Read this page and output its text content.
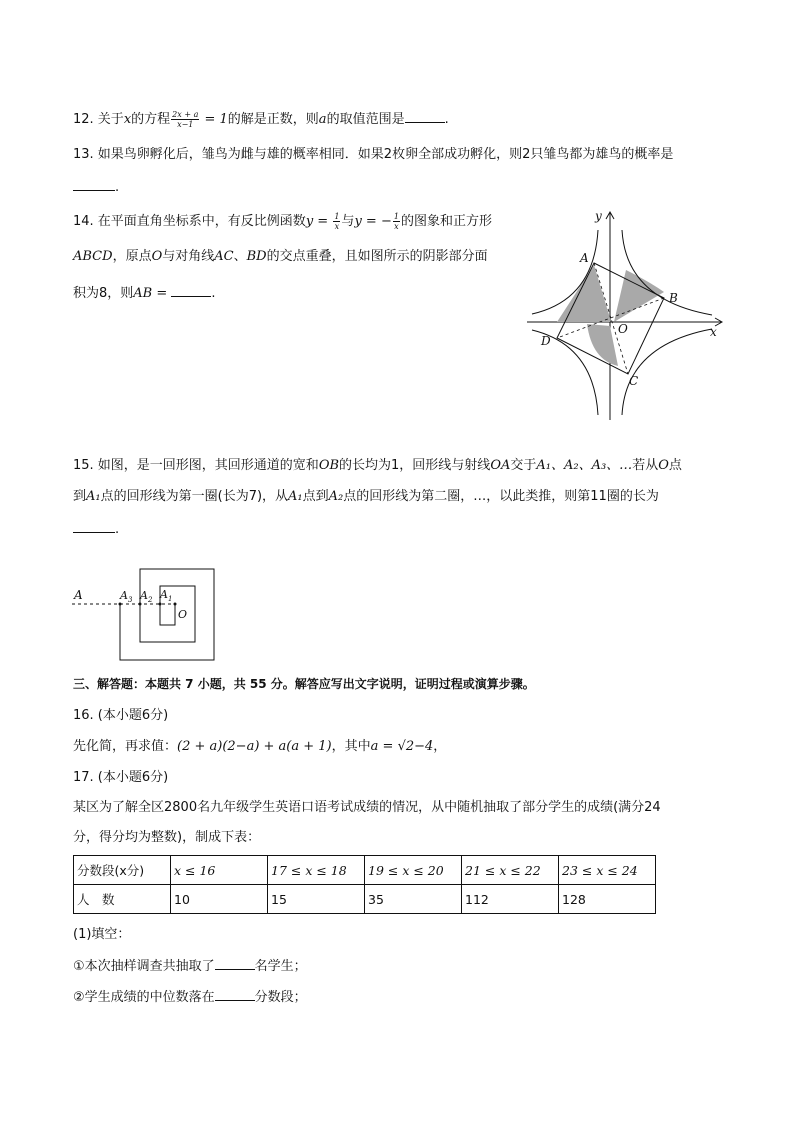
12. 关于x的方程 $\frac{2x + a}{x-1} = 1$的解是正数，则a的取值范围是	.
13. 如果鸟卵孵化后，雏鸟为雌与雄的概率相同．如果2枚卵全部成功孵化，则2只雏鸟都为雄鸟的概率是
.
14. 在平面直角坐标系中，有反比例函数$y = \frac{1}{x}$ 与y = − $\frac{1}{x}$ 的图象和正方形
ABCD，原点O与对角线AC、BD的交点重叠，且如图所示的阴影部分面
积为8，则AB =	.
x
y
A
B
C
D
O
15. 如图，是一回形图，其回形通道的宽和OB的长均为1，回形线与射线OA交于A₁、A₂、A₃、…若从O点
到A₁点的回形线为第一圈(长为7)，从A₁点到A₂点的回形线为第二圈，…，以此类推，则第11圈的长为
.
A	$A_3$ $A_2$ $A_1$
O
三、解答题：本题共 7 小题，共 55 分。解答应写出文字说明，证明过程或演算步骤。
16. (本小题6分)
先化简，再求值：(2 + a)(2−a) + a(a + 1)，其中a = √2−4，
17. (本小题6分)
某区为了解全区2800名九年级学生英语口语考试成绩的情况，从中随机抽取了部分学生的成绩(满分24
分，得分均为整数)，制成下表：
分数段(x分)	x ≤ 16	17 ≤ x ≤ 18	19 ≤ x ≤ 20	21 ≤ x ≤ 22	23 ≤ x ≤ 24
人　数	10	15	35	112	128
(1)填空：
①本次抽样调查共抽取了	名学生；
②学生成绩的中位数落在	分数段；
